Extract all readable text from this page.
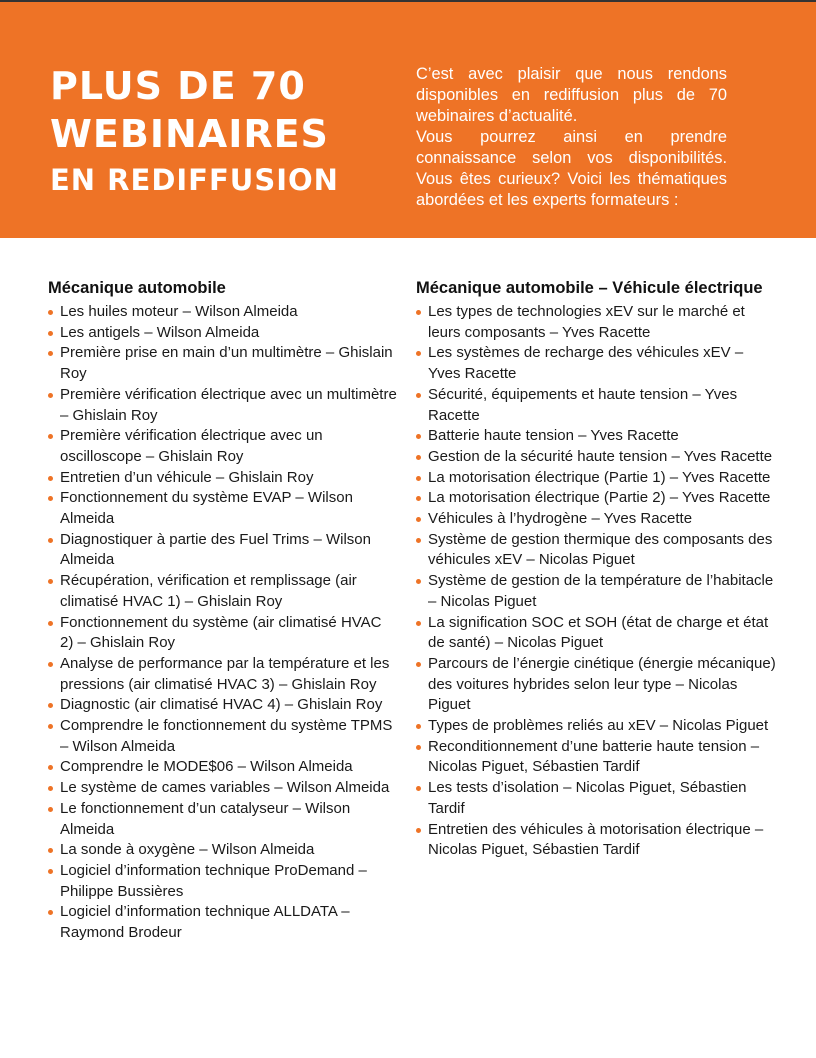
PLUS DE 70
WEBINAIRES
EN REDIFFUSION

C’est avec plaisir que nous rendons disponibles en rediffusion plus de 70 webinaires d’actualité.

Vous pourrez ainsi en prendre connaissance selon vos disponibilités. Vous êtes curieux? Voici les thématiques abordées et les experts formateurs :

Mécanique automobile
Les huiles moteur – Wilson Almeida
Les antigels – Wilson Almeida
Première prise en main d’un multimètre – Ghislain Roy
Première vérification électrique avec un multimètre – Ghislain Roy
Première vérification électrique avec un oscilloscope – Ghislain Roy
Entretien d’un véhicule – Ghislain Roy
Fonctionnement du système EVAP – Wilson Almeida
Diagnostiquer à partie des Fuel Trims – Wilson Almeida
Récupération, vérification et remplissage (air climatisé HVAC 1) – Ghislain Roy
Fonctionnement du système (air climatisé HVAC 2) – Ghislain Roy
Analyse de performance par la température et les pressions (air climatisé HVAC 3) – Ghislain Roy
Diagnostic (air climatisé HVAC 4) – Ghislain Roy
Comprendre le fonctionnement du système TPMS – Wilson Almeida
Comprendre le MODE$06 – Wilson Almeida
Le système de cames variables – Wilson Almeida
Le fonctionnement d’un catalyseur – Wilson Almeida
La sonde à oxygène – Wilson Almeida
Logiciel d’information technique ProDemand – Philippe Bussières
Logiciel d’information technique ALLDATA – Raymond Brodeur
Mécanique automobile – Véhicule électrique
Les types de technologies xEV sur le marché et leurs composants – Yves Racette
Les systèmes de recharge des véhicules xEV – Yves Racette
Sécurité, équipements et haute tension – Yves Racette
Batterie haute tension – Yves Racette
Gestion de la sécurité haute tension – Yves Racette
La motorisation électrique (Partie 1) – Yves Racette
La motorisation électrique (Partie 2) – Yves Racette
Véhicules à l’hydrogène – Yves Racette
Système de gestion thermique des composants des véhicules xEV – Nicolas Piguet
Système de gestion de la température de l’habitacle – Nicolas Piguet
La signification SOC et SOH (état de charge et état de santé) – Nicolas Piguet
Parcours de l’énergie cinétique (énergie mécanique) des voitures hybrides selon leur type – Nicolas Piguet
Types de problèmes reliés au xEV – Nicolas Piguet
Reconditionnement d’une batterie haute tension – Nicolas Piguet, Sébastien Tardif
Les tests d’isolation – Nicolas Piguet, Sébastien Tardif
Entretien des véhicules à motorisation électrique – Nicolas Piguet, Sébastien Tardif
